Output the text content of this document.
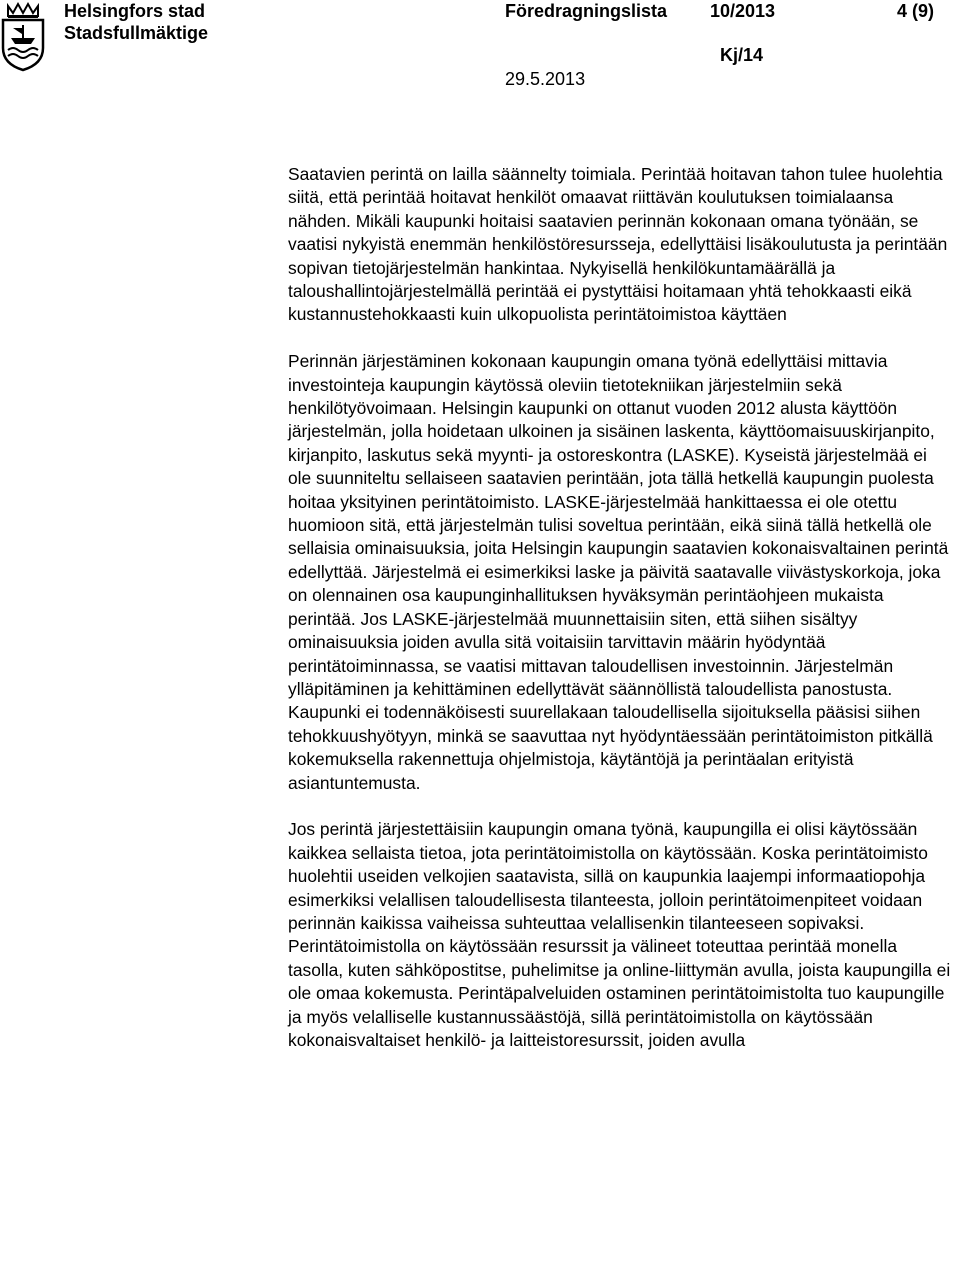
Helsingfors stad
Stadsfullmäktige
Föredragningslista 10/2013	4 (9)
Kj/14
29.5.2013

Saatavien perintä on lailla säännelty toimiala. Perintää hoitavan tahon tulee huolehtia siitä, että perintää hoitavat henkilöt omaavat riittävän koulutuksen toimialaansa nähden. Mikäli kaupunki hoitaisi saatavien perinnän kokonaan omana työnään, se vaatisi nykyistä enemmän henkilöstöresursseja, edellyttäisi lisäkoulutusta ja perintään sopivan tietojärjestelmän hankintaa. Nykyisellä henkilökuntamäärällä ja taloushallintojärjestelmällä perintää ei pystyttäisi hoitamaan yhtä tehokkaasti eikä kustannustehokkaasti kuin ulkopuolista perintätoimistoa käyttäen

Perinnän järjestäminen kokonaan kaupungin omana työnä edellyttäisi mittavia investointeja kaupungin käytössä oleviin tietotekniikan järjestelmiin sekä henkilötyövoimaan. Helsingin kaupunki on ottanut vuoden 2012 alusta käyttöön järjestelmän, jolla hoidetaan ulkoinen ja sisäinen laskenta, käyttöomaisuuskirjanpito, kirjanpito, laskutus sekä myynti- ja ostoreskontra (LASKE). Kyseistä järjestelmää ei ole suunniteltu sellaiseen saatavien perintään, jota tällä hetkellä kaupungin puolesta hoitaa yksityinen perintätoimisto. LASKE-järjestelmää hankittaessa ei ole otettu huomioon sitä, että järjestelmän tulisi soveltua perintään, eikä siinä tällä hetkellä ole sellaisia ominaisuuksia, joita Helsingin kaupungin saatavien kokonaisvaltainen perintä edellyttää. Järjestelmä ei esimerkiksi laske ja päivitä saatavalle viivästyskorkoja, joka on olennainen osa kaupunginhallituksen hyväksymän perintäohjeen mukaista perintää. Jos LASKE-järjestelmää muunnettaisiin siten, että siihen sisältyy ominaisuuksia joiden avulla sitä voitaisiin tarvittavin määrin hyödyntää perintätoiminnassa, se vaatisi mittavan taloudellisen investoinnin. Järjestelmän ylläpitäminen ja kehittäminen edellyttävät säännöllistä taloudellista panostusta. Kaupunki ei todennäköisesti suurellakaan taloudellisella sijoituksella pääsisi siihen tehokkuushyötyyn, minkä se saavuttaa nyt hyödyntäessään perintätoimiston pitkällä kokemuksella rakennettuja ohjelmistoja, käytäntöjä ja perintäalan erityistä asiantuntemusta.

Jos perintä järjestettäisiin kaupungin omana työnä, kaupungilla ei olisi käytössään kaikkea sellaista tietoa, jota perintätoimistolla on käytössään. Koska perintätoimisto huolehtii useiden velkojien saatavista, sillä on kaupunkia laajempi informaatiopohja esimerkiksi velallisen taloudellisesta tilanteesta, jolloin perintätoimenpiteet voidaan perinnän kaikissa vaiheissa suhteuttaa velallisenkin tilanteeseen sopivaksi. Perintätoimistolla on käytössään resurssit ja välineet toteuttaa perintää monella tasolla, kuten sähköpostitse, puhelimitse ja online-liittymän avulla, joista kaupungilla ei ole omaa kokemusta. Perintäpalveluiden ostaminen perintätoimistolta tuo kaupungille ja myös velalliselle kustannussäästöjä, sillä perintätoimistolla on käytössään kokonaisvaltaiset henkilö- ja laitteistoresurssit, joiden avulla
